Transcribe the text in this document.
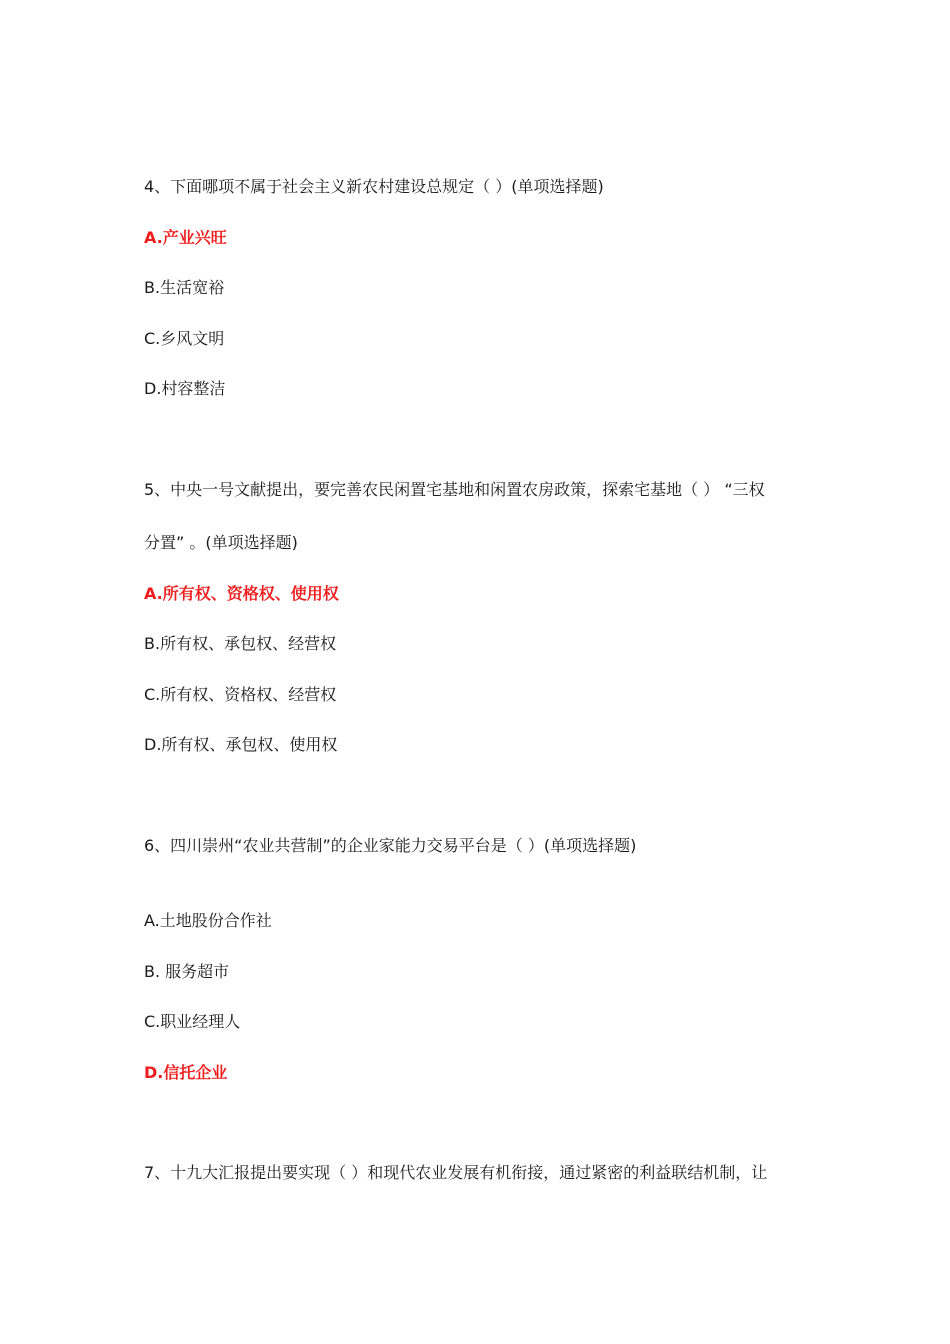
4、下面哪项不属于社会主义新农村建设总规定（ ）(单项选择题)
A.产业兴旺
B.生活宽裕
C.乡风文明
D.村容整洁
5、中央一号文献提出，要完善农民闲置宅基地和闲置农房政策，探索宅基地（ ） “三权
分置” 。(单项选择题)
A.所有权、资格权、使用权
B.所有权、承包权、经营权
C.所有权、资格权、经营权
D.所有权、承包权、使用权
6、四川崇州“农业共营制”的企业家能力交易平台是（ ）(单项选择题)
A.土地股份合作社
B. 服务超市
C.职业经理人
D.信托企业
7、十九大汇报提出要实现（ ）和现代农业发展有机衔接，通过紧密的利益联结机制，让
